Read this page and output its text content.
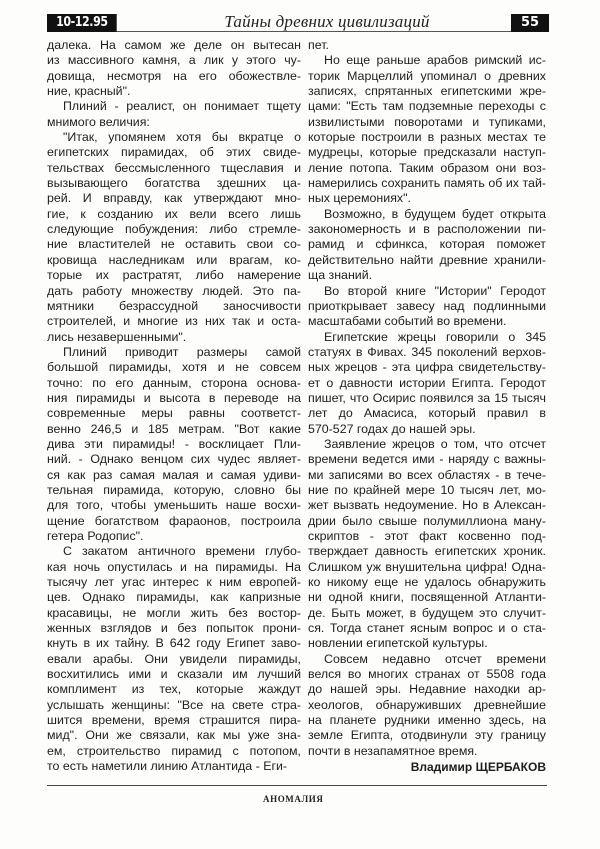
10-12.95	Тайны древних цивилизаций	55

далека. На самом же деле он вытесан
из массивного камня, а лик у этого чу-
довища, несмотря на его обожествле-
ние, красный".

Плиний - реалист, он понимает тщету
мнимого величия:

"Итак, упомянем хотя бы вкратце о
египетских пирамидах, об этих свиде-
тельствах бессмысленного тщеславия и
вызывающего богатства здешних ца-
рей. И вправду, как утверждают мно-
гие, к созданию их вели всего лишь
следующие побуждения: либо стремле-
ние властителей не оставить свои со-
кровища наследникам или врагам, ко-
торые их растратят, либо намерение
дать работу множеству людей. Это па-
мятники безрассудной заносчивости
строителей, и многие из них так и оста-
лись незавершенными".

Плиний приводит размеры самой
большой пирамиды, хотя и не совсем
точно: по его данным, сторона основа-
ния пирамиды и высота в переводе на
современные меры равны соответст-
венно 246,5 и 185 метрам. "Вот какие
дива эти пирамиды! - восклицает Пли-
ний. - Однако венцом сих чудес являет-
ся как раз самая малая и самая удиви-
тельная пирамида, которую, словно бы
для того, чтобы уменьшить наше восхи-
щение богатством фараонов, построила
гетера Родопис".

С закатом античного времени глубо-
кая ночь опустилась и на пирамиды. На
тысячу лет угас интерес к ним европей-
цев. Однако пирамиды, как капризные
красавицы, не могли жить без востор-
женных взглядов и без попыток прони-
кнуть в их тайну. В 642 году Египет заво-
евали арабы. Они увидели пирамиды,
восхитились ими и сказали им лучший
комплимент из тех, которые жаждут
услышать женщины: "Все на свете стра-
шится времени, время страшится пира-
мид". Они же связали, как мы уже зна-
ем, строительство пирамид с потопом,
то есть наметили линию Атлантида - Еги-

пет.

Но еще раньше арабов римский ис-
торик Марцеллий упоминал о древних
записях, спрятанных египетскими жре-
цами: "Есть там подземные переходы с
извилистыми поворотами и тупиками,
которые построили в разных местах те
мудрецы, которые предсказали наступ-
ление потопа. Таким образом они воз-
намерились сохранить память об их тай-
ных церемониях".

Возможно, в будущем будет открыта
закономерность и в расположении пи-
рамид и сфинкса, которая поможет
действительно найти древние хранили-
ща знаний.

Во второй книге "Истории" Геродот
приоткрывает завесу над подлинными
масштабами событий во времени.

Египетские жрецы говорили о 345
статуях в Фивах. 345 поколений верхов-
ных жрецов - эта цифра свидетельству-
ет о давности истории Египта. Геродот
пишет, что Осирис появился за 15 тысяч
лет до Амасиса, который правил в
570-527 годах до нашей эры.

Заявление жрецов о том, что отсчет
времени ведется ими - наряду с важны-
ми записями во всех областях - в тече-
ние по крайней мере 10 тысяч лет, мо-
жет вызвать недоумение. Но в Алексан-
дрии было свыше полумиллиона ману-
скриптов - этот факт косвенно под-
тверждает давность египетских хроник.
Слишком уж внушительна цифра! Одна-
ко никому еще не удалось обнаружить
ни одной книги, посвященной Атланти-
де. Быть может, в будущем это случит-
ся. Тогда станет ясным вопрос и о ста-
новлении египетской культуры.

Совсем недавно отсчет времени
велся во многих странах от 5508 года
до нашей эры. Недавние находки ар-
хеологов, обнаруживших древнейшие
на планете рудники именно здесь, на
земле Египта, отодвинули эту границу
почти в незапамятное время.

Владимир ЩЕРБАКОВ
АНОМАЛИЯ
